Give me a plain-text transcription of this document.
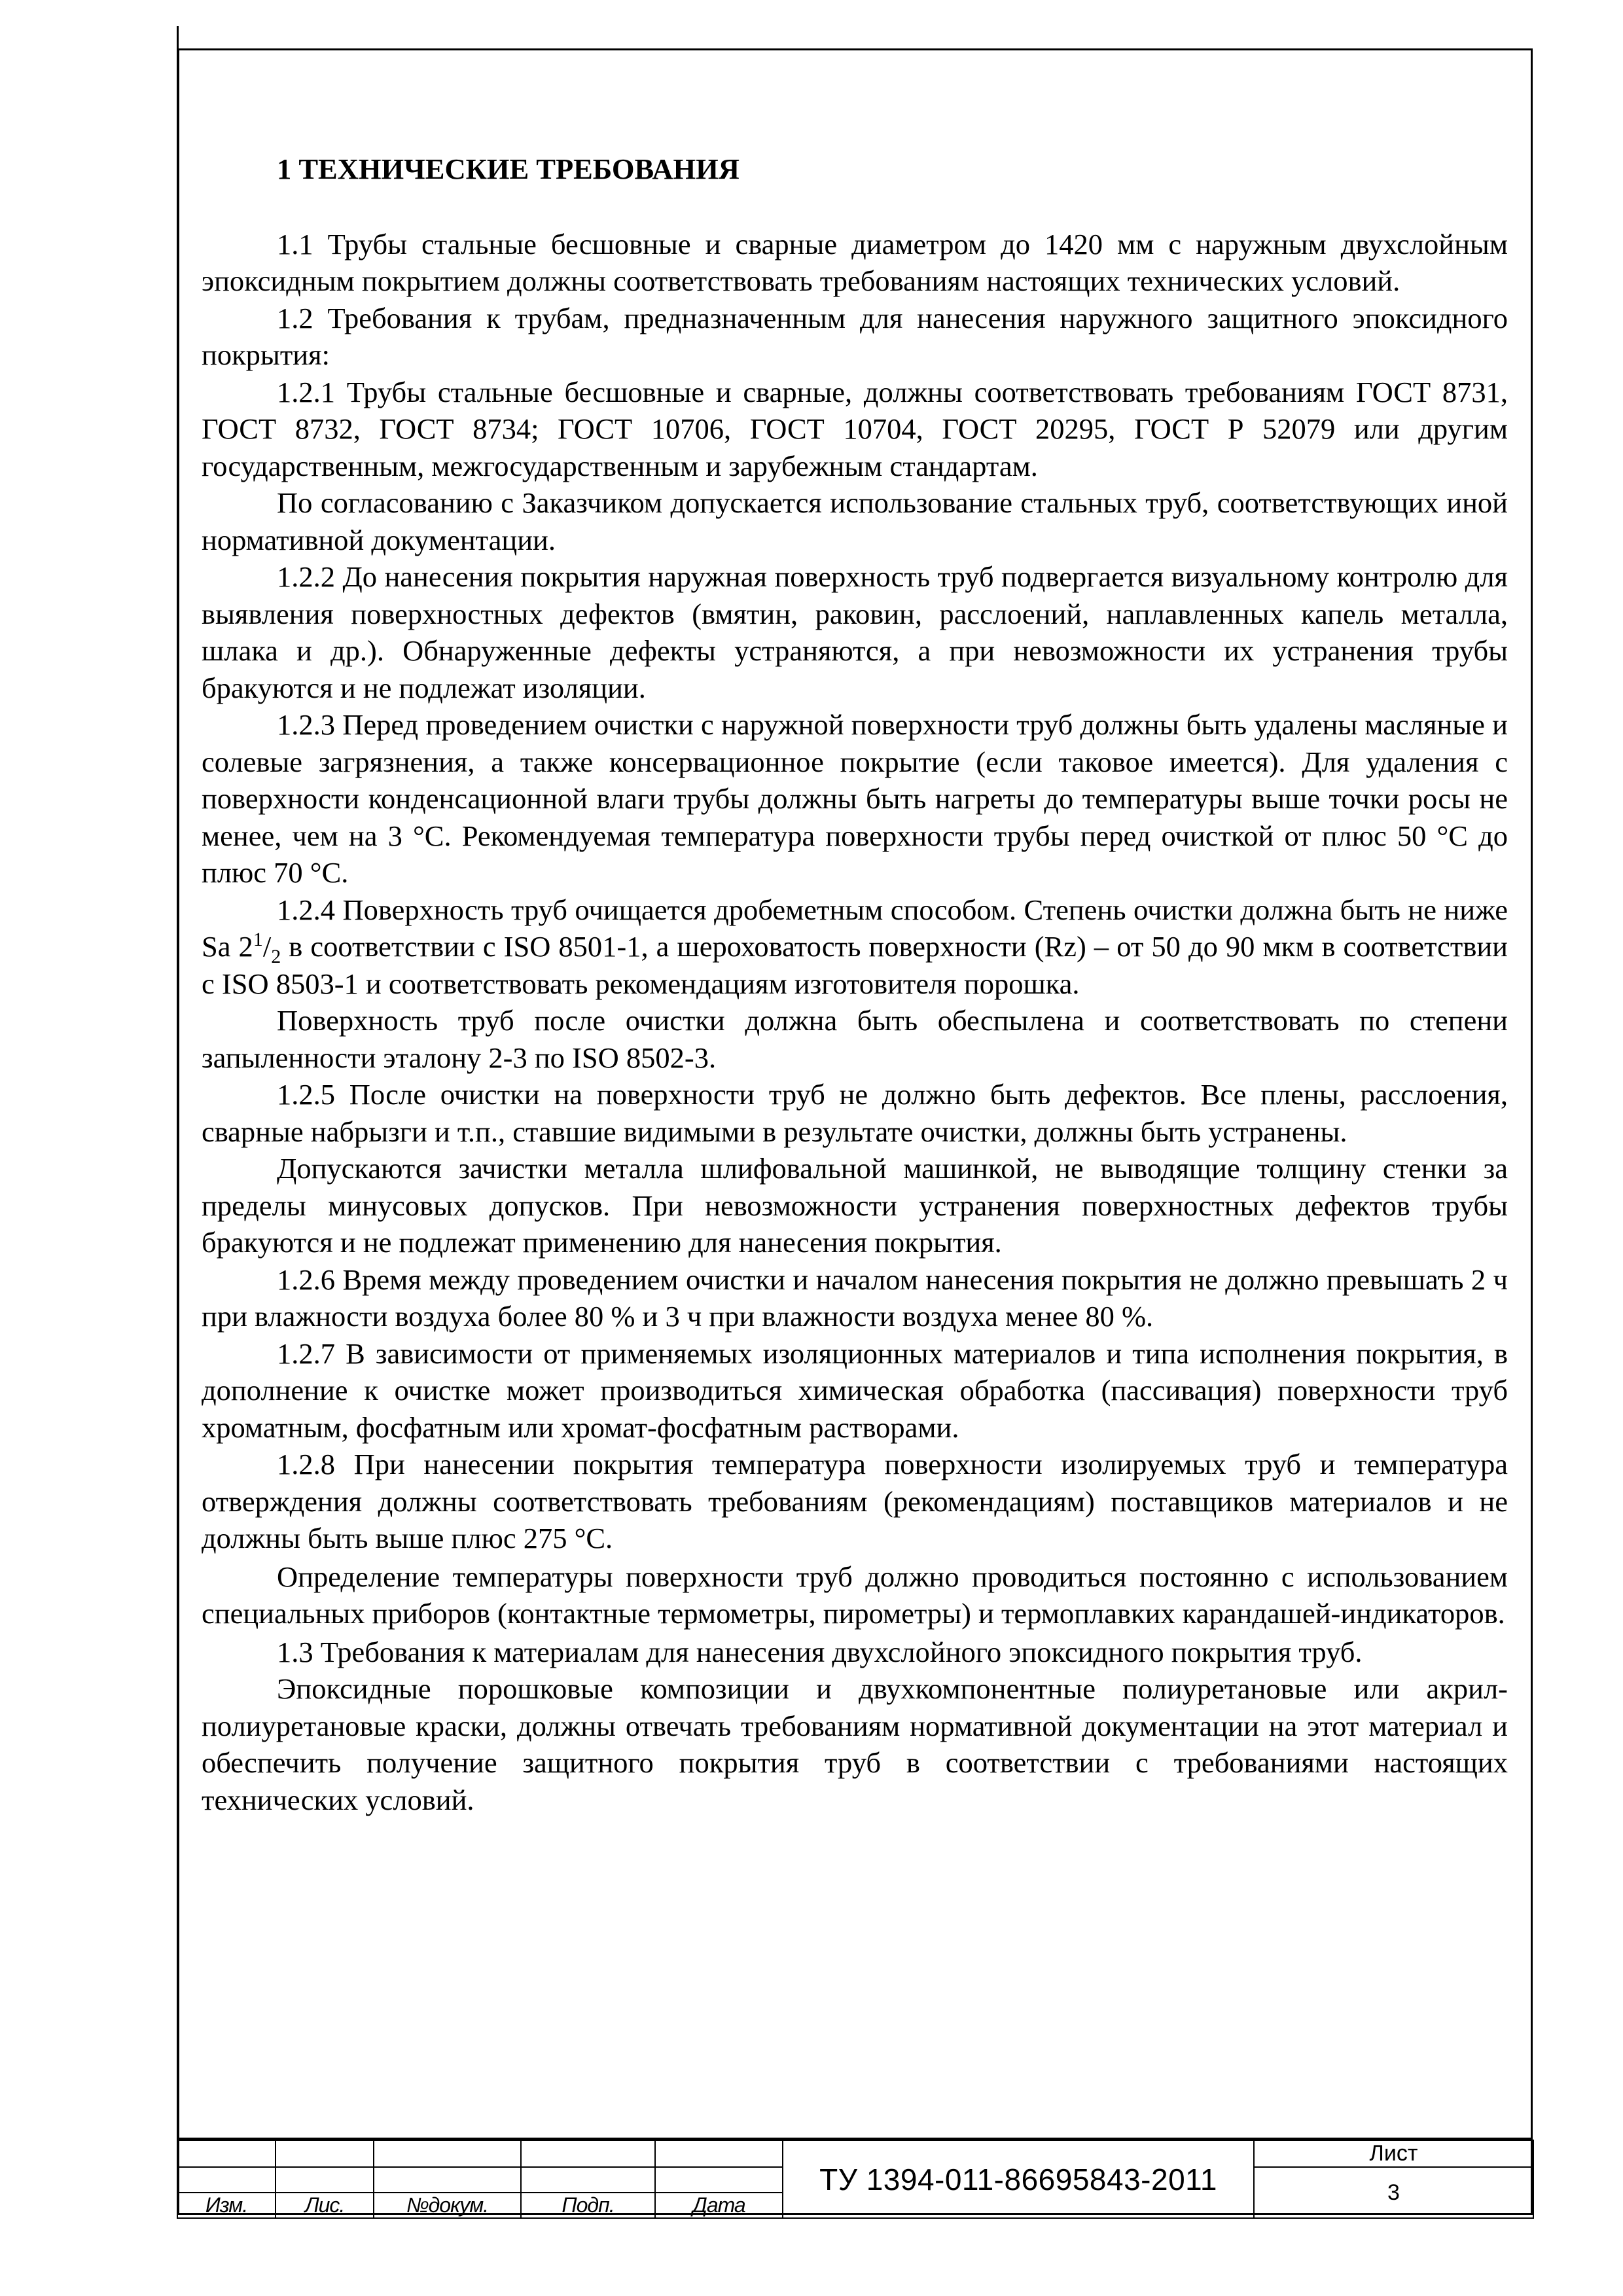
1 ТЕХНИЧЕСКИЕ ТРЕБОВАНИЯ

1.1 Трубы стальные бесшовные и сварные диаметром до 1420 мм с наружным двухслойным эпоксидным покрытием должны соответствовать требованиям настоящих технических условий.

1.2 Требования к трубам, предназначенным для нанесения наружного защитного эпоксидного покрытия:

1.2.1 Трубы стальные бесшовные и сварные, должны соответствовать требованиям ГОСТ 8731, ГОСТ 8732, ГОСТ 8734; ГОСТ 10706, ГОСТ 10704, ГОСТ 20295, ГОСТ Р 52079 или другим государственным, межгосударственным и зарубежным стандартам.

По согласованию с Заказчиком допускается использование стальных труб, соответствующих иной нормативной документации.

1.2.2 До нанесения покрытия наружная поверхность труб подвергается визуальному контролю для выявления поверхностных дефектов (вмятин, раковин, расслоений, наплавленных капель металла, шлака и др.). Обнаруженные дефекты устраняются, а при невозможности их устранения трубы бракуются и не подлежат изоляции.

1.2.3 Перед проведением очистки с наружной поверхности труб должны быть удалены масляные и солевые загрязнения, а также консервационное покрытие (если таковое имеется). Для удаления с поверхности конденсационной влаги трубы должны быть нагреты до температуры выше точки росы не менее, чем на 3 °С. Рекомендуемая температура поверхности трубы перед очисткой от плюс 50 °С до плюс 70 °С.

1.2.4 Поверхность труб очищается дробеметным способом. Степень очистки должна быть не ниже Sa $2^1/_2$ в соответствии с ISO 8501-1, а шероховатость поверхности (Rz) – от 50 до 90 мкм в соответствии с ISO 8503-1 и соответствовать рекомендациям изготовителя порошка.

Поверхность труб после очистки должна быть обеспылена и соответствовать по степени запыленности эталону 2-3 по ISO 8502-3.

1.2.5 После очистки на поверхности труб не должно быть дефектов. Все плены, расслоения, сварные набрызги и т.п., ставшие видимыми в результате очистки, должны быть устранены.

Допускаются зачистки металла шлифовальной машинкой, не выводящие толщину стенки за пределы минусовых допусков. При невозможности устранения поверхностных дефектов трубы бракуются и не подлежат применению для нанесения покрытия.

1.2.6 Время между проведением очистки и началом нанесения покрытия не должно превышать 2 ч при влажности воздуха более 80 % и 3 ч при влажности воздуха менее 80 %.

1.2.7 В зависимости от применяемых изоляционных материалов и типа исполнения покрытия, в дополнение к очистке может производиться химическая обработка (пассивация) поверхности труб хроматным, фосфатным или хромат-фосфатным растворами.

1.2.8 При нанесении покрытия температура поверхности изолируемых труб и температура отверждения должны соответствовать требованиям (рекомендациям) поставщиков материалов и не должны быть выше плюс 275 °С.

Определение температуры поверхности труб должно проводиться постоянно с использованием специальных приборов (контактные термометры, пирометры) и термоплавких карандашей-индикаторов.

1.3 Требования к материалам для нанесения двухслойного эпоксидного покрытия труб.

Эпоксидные порошковые композиции и двухкомпонентные полиуретановые или акрил-полиуретановые краски, должны отвечать требованиям нормативной документации на этот материал и обеспечить получение защитного покрытия труб в соответствии с требованиями настоящих технических условий.

					ТУ 1394-011-86695843-2011	Лист
						3
Изм.	Лис.	№докум.	Подп.	Дата		
